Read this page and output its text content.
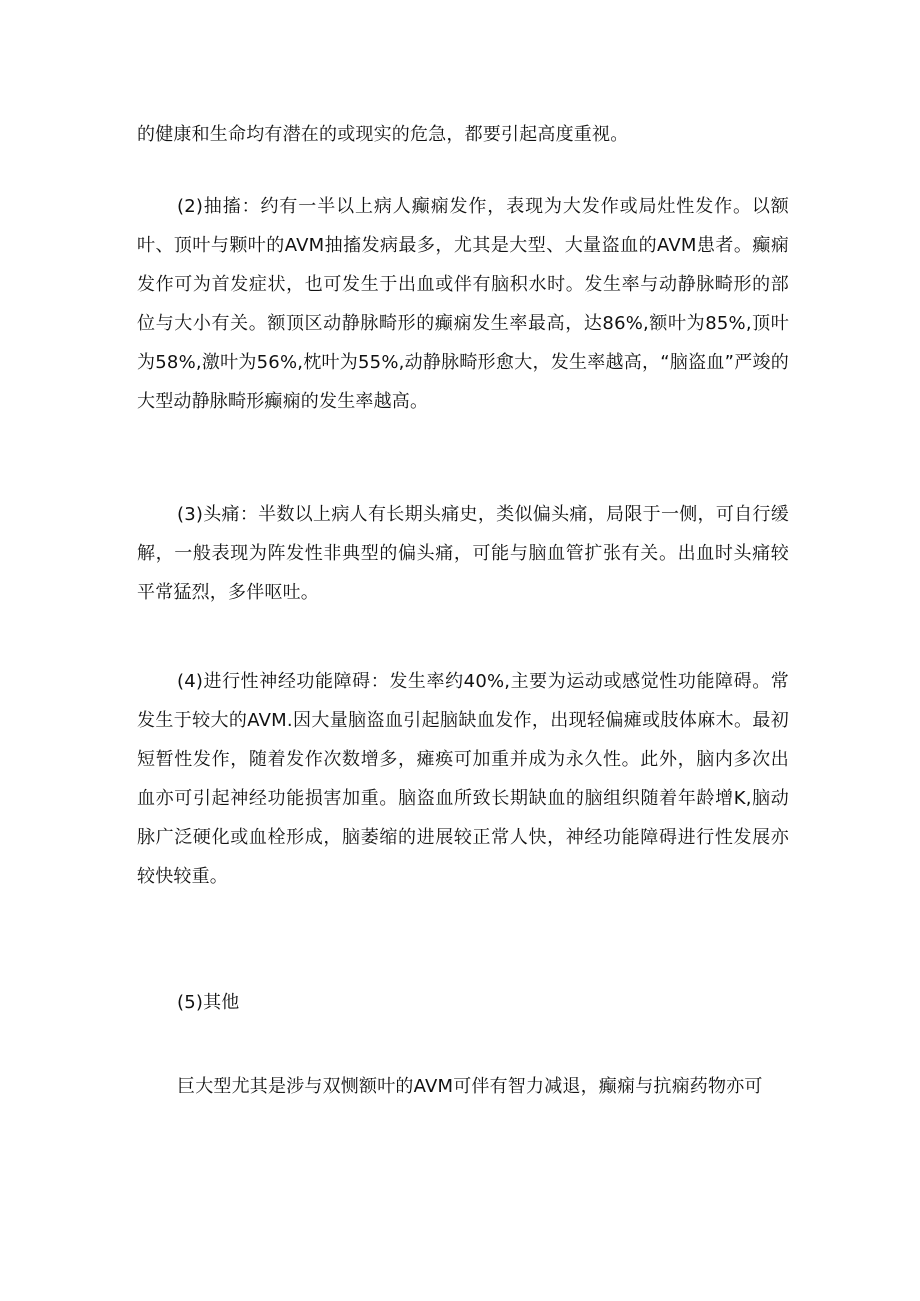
的健康和生命均有潜在的或现实的危急，都要引起高度重视。

(2)抽搐：约有一半以上病人癫痫发作，表现为大发作或局灶性发作。以额叶、顶叶与颗叶的AVM抽搐发病最多，尤其是大型、大量盗血的AVM患者。癫痫发作可为首发症状，也可发生于出血或伴有脑积水时。发生率与动静脉畸形的部位与大小有关。额顶区动静脉畸形的癫痫发生率最高，达86%,额叶为85%,顶叶为58%,激叶为56%,枕叶为55%,动静脉畸形愈大，发生率越高，“脑盗血”严竣的大型动静脉畸形癫痫的发生率越高。

(3)头痛：半数以上病人有长期头痛史，类似偏头痛，局限于一侧，可自行缓解，一般表现为阵发性非典型的偏头痛，可能与脑血管扩张有关。出血时头痛较平常猛烈，多伴呕吐。

(4)进行性神经功能障碍：发生率约40%,主要为运动或感觉性功能障碍。常发生于较大的AVM.因大量脑盗血引起脑缺血发作，出现轻偏瘫或肢体麻木。最初短暂性发作，随着发作次数增多，瘫痪可加重并成为永久性。此外，脑内多次出血亦可引起神经功能损害加重。脑盗血所致长期缺血的脑组织随着年龄增K,脑动脉广泛硬化或血栓形成，脑萎缩的进展较正常人快，神经功能障碍进行性发展亦较快较重。

(5)其他

巨大型尤其是涉与双恻额叶的AVM可伴有智力减退，癫痫与抗痫药物亦可
